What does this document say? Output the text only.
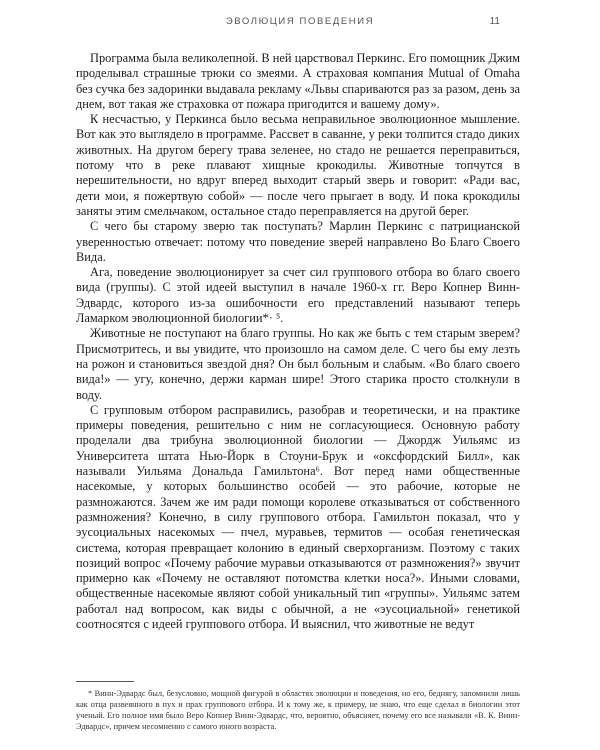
ЭВОЛЮЦИЯ ПОВЕДЕНИЯ	11

Программа была великолепной. В ней царствовал Перкинс. Его помощник Джим проделывал страшные трюки со змеями. А страховая компания Mutual of Omaha без сучка без задоринки выдавала рекламу «Львы спариваются раз за разом, день за днем, вот такая же страховка от пожара пригодится и вашему дому».

К несчастью, у Перкинса было весьма неправильное эволюционное мышление. Вот как это выглядело в программе. Рассвет в саванне, у реки толпится стадо диких животных. На другом берегу трава зеленее, но стадо не решается переправиться, потому что в реке плавают хищные крокодилы. Животные топчутся в нерешительности, но вдруг вперед выходит старый зверь и говорит: «Ради вас, дети мои, я пожертвую собой» — после чего прыгает в воду. И пока крокодилы заняты этим смельчаком, остальное стадо переправляется на другой берег.

С чего бы старому зверю так поступать? Марлин Перкинс с патрицианской уверенностью отвечает: потому что поведение зверей направлено Во Благо Своего Вида.

Ага, поведение эволюционирует за счет сил группового отбора во благо своего вида (группы). С этой идеей выступил в начале 1960-х гг. Веро Копнер Винн-Эдвардс, которого из-за ошибочности его представлений называют теперь Ламарком эволюционной биологии*· ⁵.

Животные не поступают на благо группы. Но как же быть с тем старым зверем? Присмотритесь, и вы увидите, что произошло на самом деле. С чего бы ему лезть на рожон и становиться звездой дня? Он был больным и слабым. «Во благо своего вида!» — угу, конечно, держи карман шире! Этого старика просто столкнули в воду.

С групповым отбором расправились, разобрав и теоретически, и на практике примеры поведения, решительно с ним не согласующиеся. Основную работу проделали два трибуна эволюционной биологии — Джордж Уильямс из Университета штата Нью-Йорк в Стоуни-Брук и «оксфордский Билл», как называли Уильяма Дональда Гамильтона⁶. Вот перед нами общественные насекомые, у которых большинство особей — это рабочие, которые не размножаются. Зачем же им ради помощи королеве отказываться от собственного размножения? Конечно, в силу группового отбора. Гамильтон показал, что у эусоциальных насекомых — пчел, муравьев, термитов — особая генетическая система, которая превращает колонию в единый сверхорганизм. Поэтому с таких позиций вопрос «Почему рабочие муравьи отказываются от размножения?» звучит примерно как «Почему не оставляют потомства клетки носа?». Иными словами, общественные насекомые являют собой уникальный тип «группы». Уильямс затем работал над вопросом, как виды с обычной, а не «эусоциальной» генетикой соотносятся с идеей группового отбора. И выяснил, что животные не ведут

* Винн-Эдвардс был, безусловно, мощной фигурой в областях эволюции и поведения, но его, беднягу, запомнили лишь как отца развеянного в пух и прах группового отбора. И к тому же, к примеру, не знаю, что еще сделал в биологии этот ученый. Его полное имя было Веро Копнер Винн-Эдвардс, что, вероятно, объясняет, почему его все называли «В. К. Винн-Эдвардс», причем несомненно с самого юного возраста.
